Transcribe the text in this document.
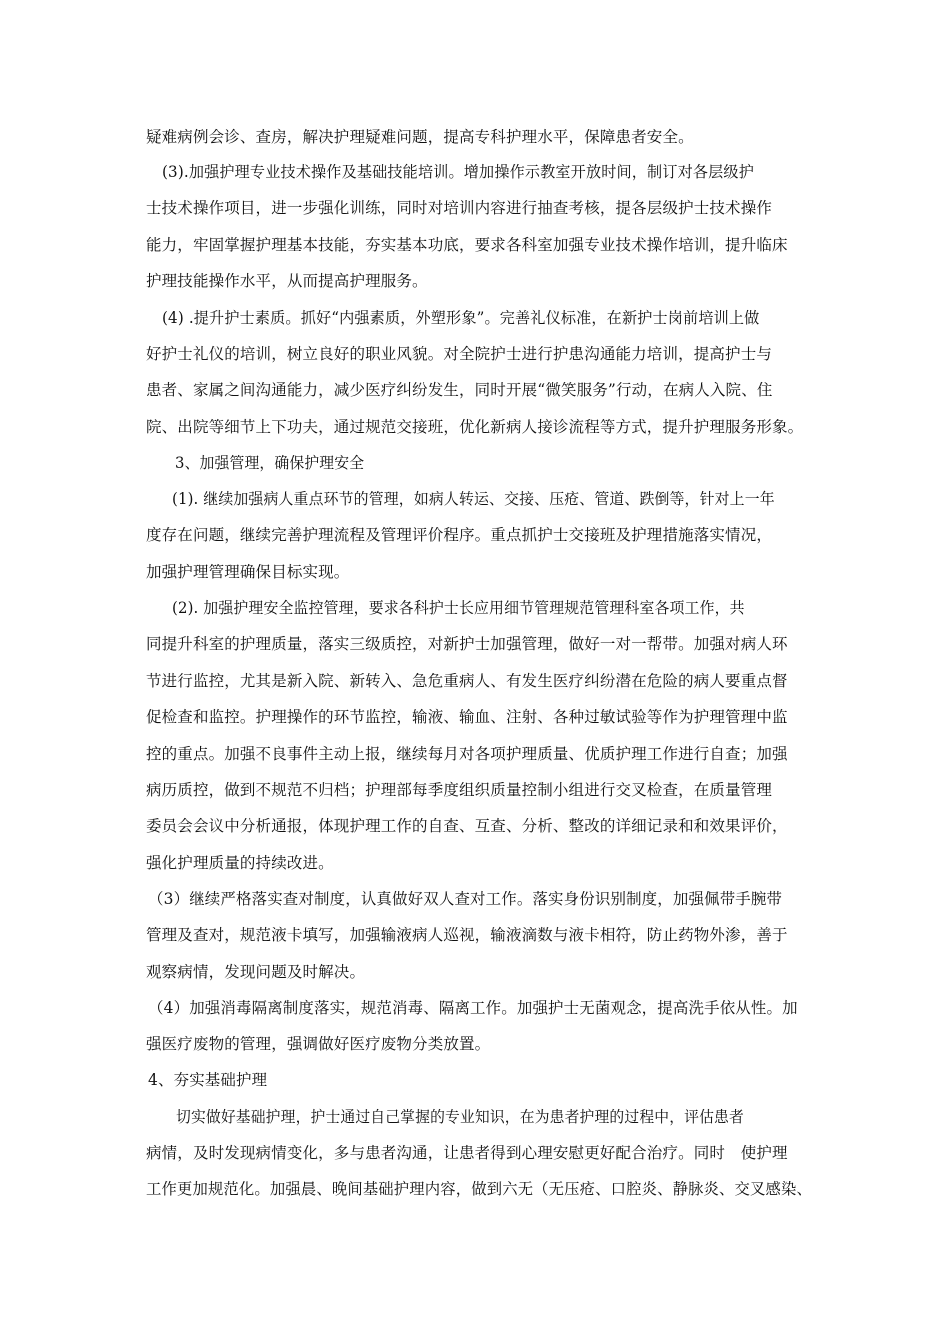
疑难病例会诊、查房，解决护理疑难问题，提高专科护理水平，保障患者安全。
(3).加强护理专业技术操作及基础技能培训。增加操作示教室开放时间，制订对各层级护
士技术操作项目，进一步强化训练，同时对培训内容进行抽查考核，提各层级护士技术操作
能力，牢固掌握护理基本技能，夯实基本功底，要求各科室加强专业技术操作培训，提升临床
护理技能操作水平，从而提高护理服务。
(4) .提升护士素质。抓好“内强素质，外塑形象”。完善礼仪标准，在新护士岗前培训上做
好护士礼仪的培训，树立良好的职业风貌。对全院护士进行护患沟通能力培训，提高护士与
患者、家属之间沟通能力，减少医疗纠纷发生，同时开展“微笑服务”行动，在病人入院、住
院、出院等细节上下功夫，通过规范交接班，优化新病人接诊流程等方式，提升护理服务形象。
3、加强管理，确保护理安全
(1). 继续加强病人重点环节的管理，如病人转运、交接、压疮、管道、跌倒等，针对上一年
度存在问题，继续完善护理流程及管理评价程序。重点抓护士交接班及护理措施落实情况，
加强护理管理确保目标实现。
(2). 加强护理安全监控管理，要求各科护士长应用细节管理规范管理科室各项工作，共
同提升科室的护理质量，落实三级质控，对新护士加强管理，做好一对一帮带。加强对病人环
节进行监控，尤其是新入院、新转入、急危重病人、有发生医疗纠纷潜在危险的病人要重点督
促检查和监控。护理操作的环节监控，输液、输血、注射、各种过敏试验等作为护理管理中监
控的重点。加强不良事件主动上报，继续每月对各项护理质量、优质护理工作进行自查；加强
病历质控，做到不规范不归档；护理部每季度组织质量控制小组进行交叉检查，在质量管理
委员会会议中分析通报，体现护理工作的自查、互查、分析、整改的详细记录和和效果评价，
强化护理质量的持续改进。
（3）继续严格落实查对制度，认真做好双人查对工作。落实身份识别制度，加强佩带手腕带
管理及查对，规范液卡填写，加强输液病人巡视，输液滴数与液卡相符，防止药物外渗，善于
观察病情，发现问题及时解决。
（4）加强消毒隔离制度落实，规范消毒、隔离工作。加强护士无菌观念，提高洗手依从性。加
强医疗废物的管理，强调做好医疗废物分类放置。
4、夯实基础护理
切实做好基础护理，护士通过自己掌握的专业知识，在为患者护理的过程中，评估患者
病情，及时发现病情变化，多与患者沟通，让患者得到心理安慰更好配合治疗。同时　使护理
工作更加规范化。加强晨、晚间基础护理内容，做到六无（无压疮、口腔炎、静脉炎、交叉感染、
